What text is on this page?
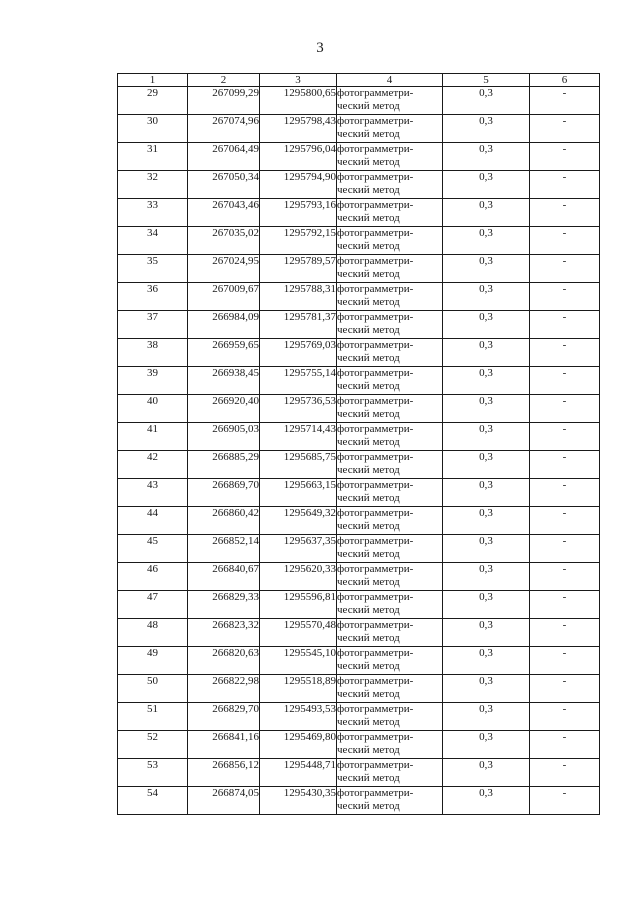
3
1	2	3	4	5	6
29	267099,29	1295800,65	фотограмметри-
ческий метод	0,3	-
30	267074,96	1295798,43	фотограмметри-
ческий метод	0,3	-
31	267064,49	1295796,04	фотограмметри-
ческий метод	0,3	-
32	267050,34	1295794,90	фотограмметри-
ческий метод	0,3	-
33	267043,46	1295793,16	фотограмметри-
ческий метод	0,3	-
34	267035,02	1295792,15	фотограмметри-
ческий метод	0,3	-
35	267024,95	1295789,57	фотограмметри-
ческий метод	0,3	-
36	267009,67	1295788,31	фотограмметри-
ческий метод	0,3	-
37	266984,09	1295781,37	фотограмметри-
ческий метод	0,3	-
38	266959,65	1295769,03	фотограмметри-
ческий метод	0,3	-
39	266938,45	1295755,14	фотограмметри-
ческий метод	0,3	-
40	266920,40	1295736,53	фотограмметри-
ческий метод	0,3	-
41	266905,03	1295714,43	фотограмметри-
ческий метод	0,3	-
42	266885,29	1295685,75	фотограмметри-
ческий метод	0,3	-
43	266869,70	1295663,15	фотограмметри-
ческий метод	0,3	-
44	266860,42	1295649,32	фотограмметри-
ческий метод	0,3	-
45	266852,14	1295637,35	фотограмметри-
ческий метод	0,3	-
46	266840,67	1295620,33	фотограмметри-
ческий метод	0,3	-
47	266829,33	1295596,81	фотограмметри-
ческий метод	0,3	-
48	266823,32	1295570,48	фотограмметри-
ческий метод	0,3	-
49	266820,63	1295545,10	фотограмметри-
ческий метод	0,3	-
50	266822,98	1295518,89	фотограмметри-
ческий метод	0,3	-
51	266829,70	1295493,53	фотограмметри-
ческий метод	0,3	-
52	266841,16	1295469,80	фотограмметри-
ческий метод	0,3	-
53	266856,12	1295448,71	фотограмметри-
ческий метод	0,3	-
54	266874,05	1295430,35	фотограмметри-
ческий метод	0,3	-
